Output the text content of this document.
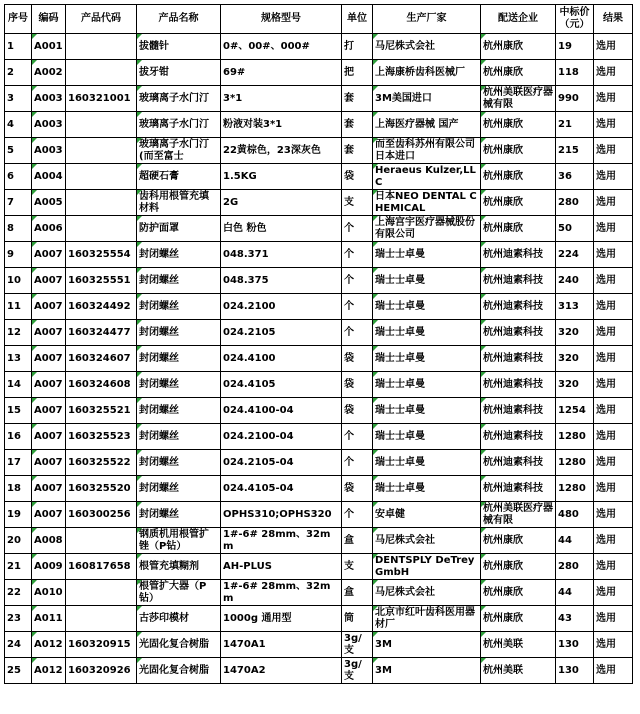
序号	编码	产品代码	产品名称	规格型号	单位	生产厂家	配送企业	中标价（元）	结果
1	A001		拔髓针	0#、00#、000#	打	马尼株式会社	杭州康欣	19	选用
2	A002		拔牙钳	69#	把	上海康桥齿科医械厂	杭州康欣	118	选用
3	A003	160321001	玻璃离子水门汀	3*1	套	3M美国进口	杭州美联医疗器械有限	990	选用
4	A003		玻璃离子水门汀	粉液对装3*1	套	上海医疗器械 国产	杭州康欣	21	选用
5	A003		玻璃离子水门汀(而至富士	22黄棕色，23深灰色	套	而至齿科苏州有限公司日本进口	杭州康欣	215	选用
6	A004		超硬石膏	1.5KG	袋	Heraeus Kulzer,LLC	杭州康欣	36	选用
7	A005		齿科用根管充填材料	2G	支	日本NEO DENTAL CHEMICAL	杭州康欣	280	选用
8	A006		防护面罩	白色 粉色	个	上海宫宇医疗器械股份有限公司	杭州康欣	50	选用
9	A007	160325554	封闭螺丝	048.371	个	瑞士士卓曼	杭州迪素科技	224	选用
10	A007	160325551	封闭螺丝	048.375	个	瑞士士卓曼	杭州迪素科技	240	选用
11	A007	160324492	封闭螺丝	024.2100	个	瑞士士卓曼	杭州迪素科技	313	选用
12	A007	160324477	封闭螺丝	024.2105	个	瑞士士卓曼	杭州迪素科技	320	选用
13	A007	160324607	封闭螺丝	024.4100	袋	瑞士士卓曼	杭州迪素科技	320	选用
14	A007	160324608	封闭螺丝	024.4105	袋	瑞士士卓曼	杭州迪素科技	320	选用
15	A007	160325521	封闭螺丝	024.4100-04	袋	瑞士士卓曼	杭州迪素科技	1254	选用
16	A007	160325523	封闭螺丝	024.2100-04	个	瑞士士卓曼	杭州迪素科技	1280	选用
17	A007	160325522	封闭螺丝	024.2105-04	个	瑞士士卓曼	杭州迪素科技	1280	选用
18	A007	160325520	封闭螺丝	024.4105-04	袋	瑞士士卓曼	杭州迪素科技	1280	选用
19	A007	160300256	封闭螺丝	OPHS310;OPHS320	个	安卓健	杭州美联医疗器械有限	480	选用
20	A008		钢质机用根管扩锉（P钻）	1#-6# 28mm、32mm	盒	马尼株式会社	杭州康欣	44	选用
21	A009	160817658	根管充填糊剂	AH-PLUS	支	DENTSPLY DeTrey GmbH	杭州康欣	280	选用
22	A010		根管扩大器（P钻）	1#-6# 28mm、32mm	盒	马尼株式会社	杭州康欣	44	选用
23	A011		古莎印模材	1000g 通用型	筒	北京市红叶齿科医用器材厂	杭州康欣	43	选用
24	A012	160320915	光固化复合树脂	1470A1	3g/支	3M	杭州美联	130	选用
25	A012	160320926	光固化复合树脂	1470A2	3g/支	3M	杭州美联	130	选用
